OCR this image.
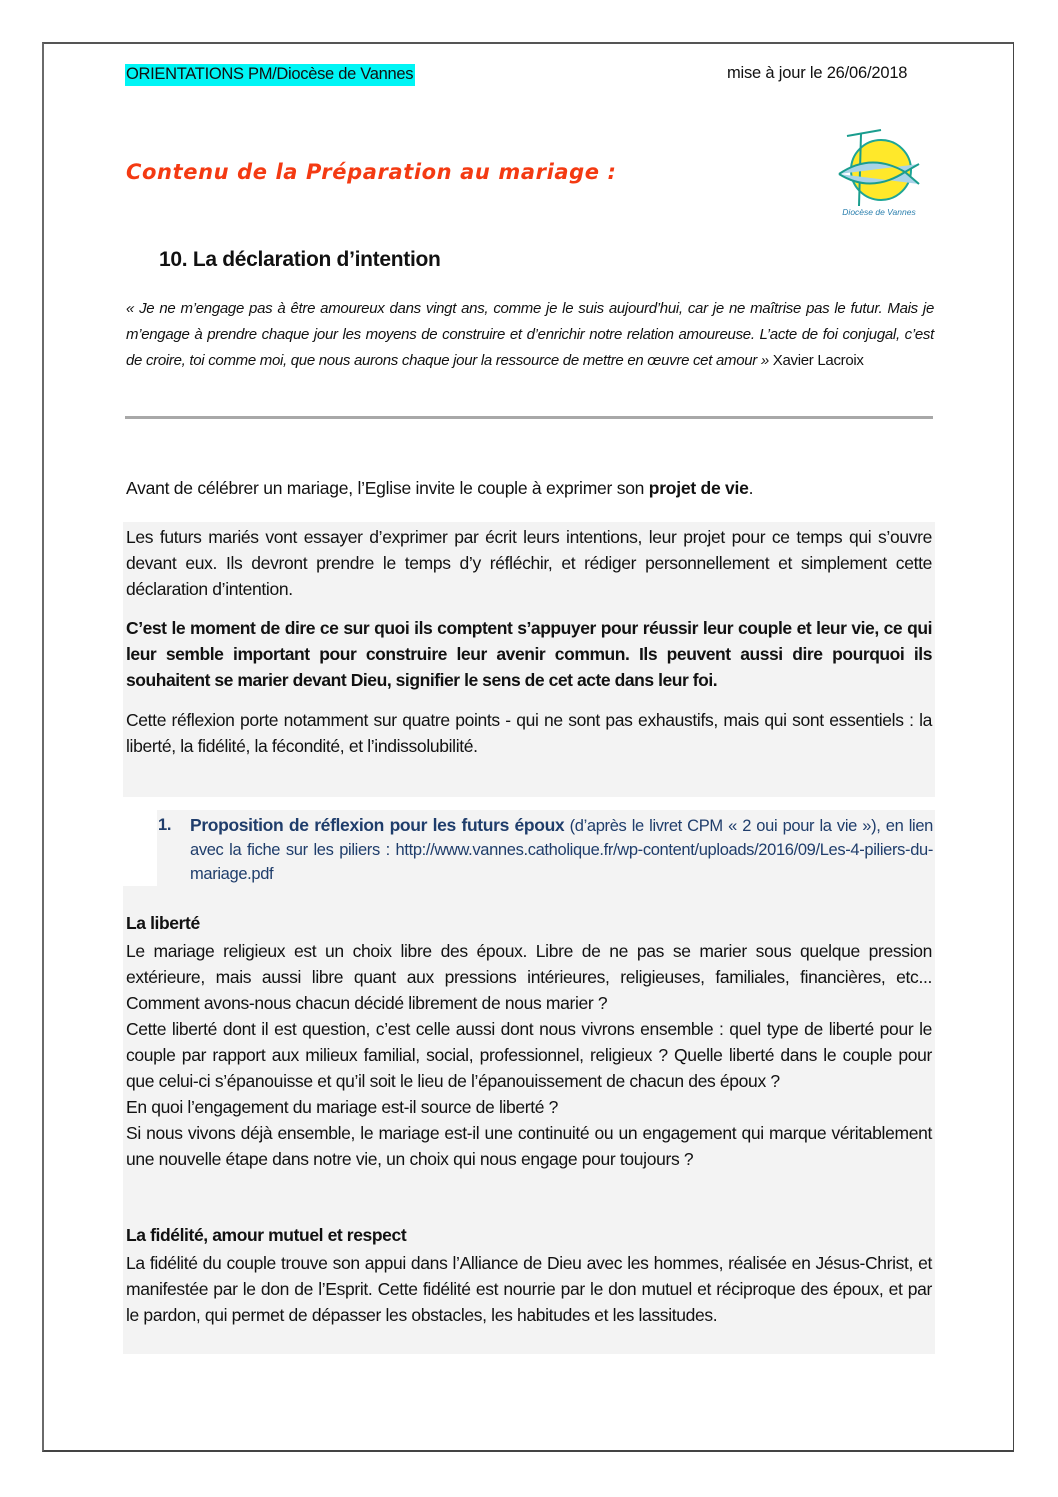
ORIENTATIONS PM/Diocèse de Vannes	mise à jour le 26/06/2018
Contenu de la Préparation au mariage :
Diocèse de Vannes
10. La déclaration d’intention
« Je ne m’engage pas à être amoureux dans vingt ans, comme je le suis aujourd’hui, car je ne maîtrise pas le futur. Mais je m’engage à prendre chaque jour les moyens de construire et d’enrichir notre relation amoureuse. L’acte de foi conjugal, c’est de croire, toi comme moi, que nous aurons chaque jour la ressource de mettre en œuvre cet amour » Xavier Lacroix
Avant de célébrer un mariage, l’Eglise invite le couple à exprimer son projet de vie.
Les futurs mariés vont essayer d’exprimer par écrit leurs intentions, leur projet pour ce temps qui s’ouvre devant eux. Ils devront prendre le temps d’y réfléchir, et rédiger personnellement et simplement cette déclaration d’intention.
C’est le moment de dire ce sur quoi ils comptent s’appuyer pour réussir leur couple et leur vie, ce qui leur semble important pour construire leur avenir commun. Ils peuvent aussi dire pourquoi ils souhaitent se marier devant Dieu, signifier le sens de cet acte dans leur foi.
Cette réflexion porte notamment sur quatre points - qui ne sont pas exhaustifs, mais qui sont essentiels : la liberté, la fidélité, la fécondité, et l’indissolubilité.
1. Proposition de réflexion pour les futurs époux (d’après le livret CPM « 2 oui pour la vie »), en lien avec la fiche sur les piliers : http://www.vannes.catholique.fr/wp-content/uploads/2016/09/Les-4-piliers-du-mariage.pdf
La liberté
Le mariage religieux est un choix libre des époux. Libre de ne pas se marier sous quelque pression extérieure, mais aussi libre quant aux pressions intérieures, religieuses, familiales, financières, etc... Comment avons-nous chacun décidé librement de nous marier ?
Cette liberté dont il est question, c’est celle aussi dont nous vivrons ensemble : quel type de liberté pour le couple par rapport aux milieux familial, social, professionnel, religieux ? Quelle liberté dans le couple pour que celui-ci s’épanouisse et qu’il soit le lieu de l’épanouissement de chacun des époux ?
En quoi l’engagement du mariage est-il source de liberté ?
Si nous vivons déjà ensemble, le mariage est-il une continuité ou un engagement qui marque véritablement une nouvelle étape dans notre vie, un choix qui nous engage pour toujours ?
La fidélité, amour mutuel et respect
La fidélité du couple trouve son appui dans l’Alliance de Dieu avec les hommes, réalisée en Jésus-Christ, et manifestée par le don de l’Esprit. Cette fidélité est nourrie par le don mutuel et réciproque des époux, et par le pardon, qui permet de dépasser les obstacles, les habitudes et les lassitudes.
